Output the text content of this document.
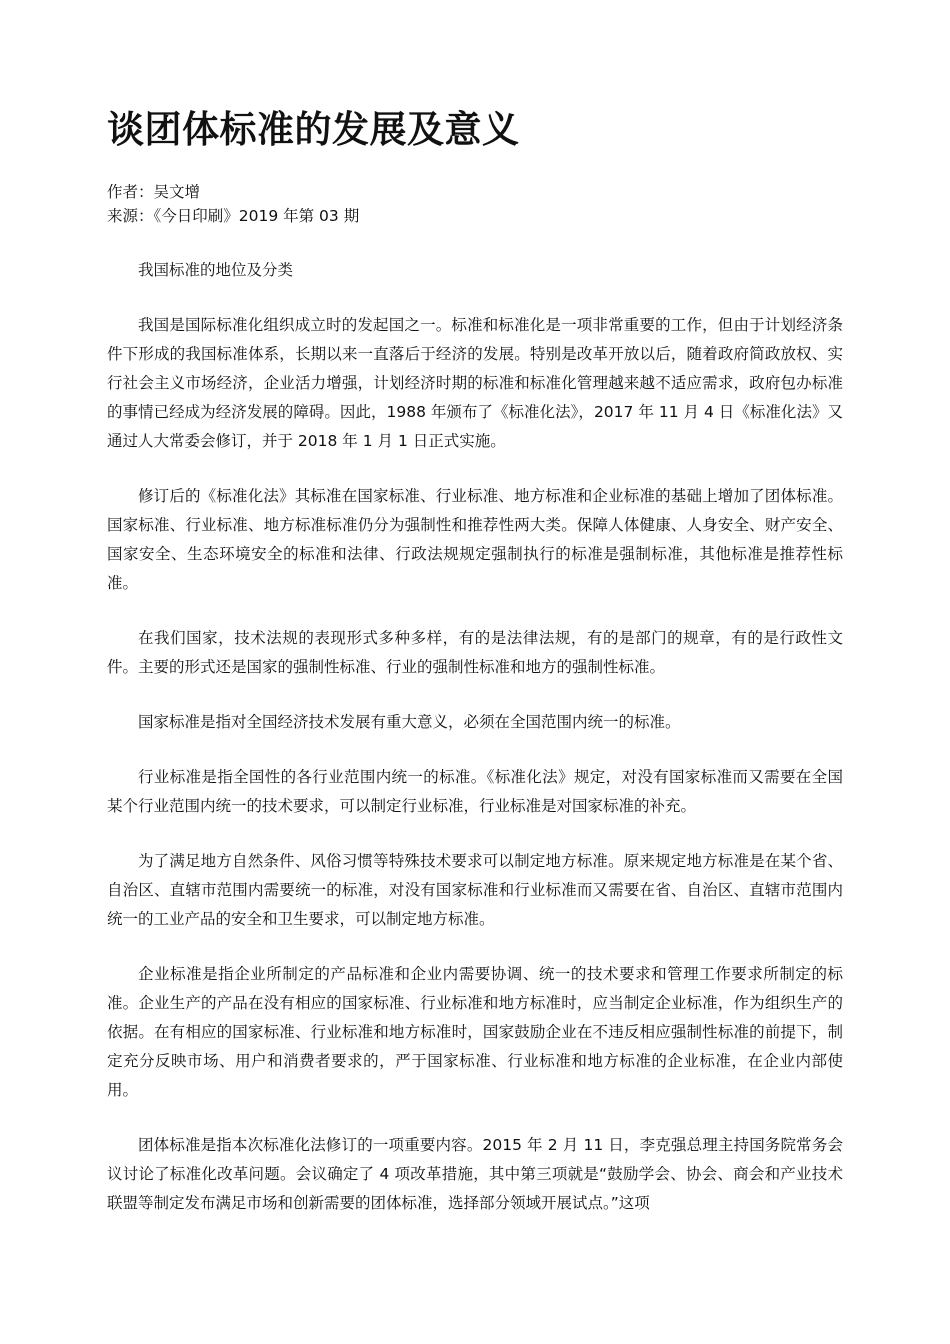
谈团体标准的发展及意义
作者：吴文增
来源：《今日印刷》2019 年第 03 期

我国标准的地位及分类

我国是国际标准化组织成立时的发起国之一。标准和标准化是一项非常重要的工作，但由于计划经济条件下形成的我国标准体系，长期以来一直落后于经济的发展。特别是改革开放以后，随着政府简政放权、实行社会主义市场经济，企业活力增强，计划经济时期的标准和标准化管理越来越不适应需求，政府包办标准的事情已经成为经济发展的障碍。因此，1988 年颁布了《标准化法》，2017 年 11 月 4 日《标准化法》又通过人大常委会修订，并于 2018 年 1 月 1 日正式实施。

修订后的《标准化法》其标准在国家标准、行业标准、地方标准和企业标准的基础上增加了团体标准。国家标准、行业标准、地方标准标准仍分为强制性和推荐性两大类。保障人体健康、人身安全、财产安全、国家安全、生态环境安全的标准和法律、行政法规规定强制执行的标准是强制标准，其他标准是推荐性标准。

在我们国家，技术法规的表现形式多种多样，有的是法律法规，有的是部门的规章，有的是行政性文件。主要的形式还是国家的强制性标准、行业的强制性标准和地方的强制性标准。

国家标准是指对全国经济技术发展有重大意义，必须在全国范围内统一的标准。

行业标准是指全国性的各行业范围内统一的标准。《标准化法》规定，对没有国家标准而又需要在全国某个行业范围内统一的技术要求，可以制定行业标准，行业标准是对国家标准的补充。

为了满足地方自然条件、风俗习惯等特殊技术要求可以制定地方标准。原来规定地方标准是在某个省、自治区、直辖市范围内需要统一的标准，对没有国家标准和行业标准而又需要在省、自治区、直辖市范围内统一的工业产品的安全和卫生要求，可以制定地方标准。

企业标准是指企业所制定的产品标准和企业内需要协调、统一的技术要求和管理工作要求所制定的标准。企业生产的产品在没有相应的国家标准、行业标准和地方标准时，应当制定企业标准，作为组织生产的依据。在有相应的国家标准、行业标准和地方标准时，国家鼓励企业在不违反相应强制性标准的前提下，制定充分反映市场、用户和消费者要求的，严于国家标准、行业标准和地方标准的企业标准，在企业内部使用。

团体标准是指本次标准化法修订的一项重要内容。2015 年 2 月 11 日，李克强总理主持国务院常务会议讨论了标准化改革问题。会议确定了 4 项改革措施，其中第三项就是“鼓励学会、协会、商会和产业技术联盟等制定发布满足市场和创新需要的团体标准，选择部分领域开展试点。”这项
